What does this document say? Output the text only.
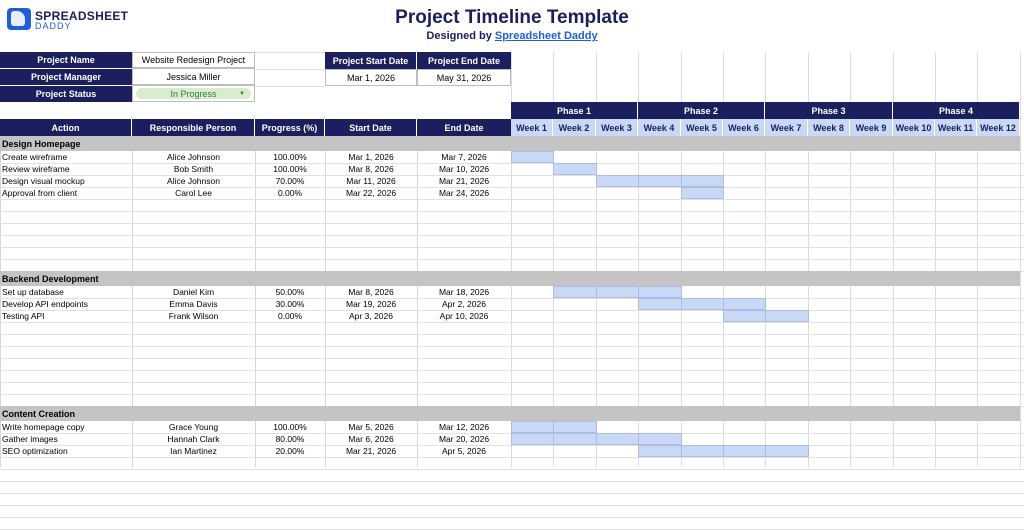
SPREADSHEET
DADDY	Project Timeline Template
Designed by Spreadsheet Daddy
Project Name	Website Redesign Project
Project Manager	Jessica Miller
Project Status	In Progress	▼
Project Start Date	Project End Date
Mar 1, 2026	May 31, 2026
Phase 1	Phase 2	Phase 3	Phase 4
Action	Responsible Person	Progress (%)	Start Date	End Date	Week 1	Week 2	Week 3	Week 4	Week 5	Week 6	Week 7	Week 8	Week 9	Week 10 Week 11 Week 12
Design Homepage
Create wireframe	Alice Johnson	100.00%	Mar 1, 2026	Mar 7, 2026
Review wireframe	Bob Smith	100.00%	Mar 8, 2026	Mar 10, 2026
Design visual mockup	Alice Johnson	70.00%	Mar 11, 2026	Mar 21, 2026
Approval from client	Carol Lee	0.00%	Mar 22, 2026	Mar 24, 2026
Backend Development
Set up database	Daniel Kim	50.00%	Mar 8, 2026	Mar 18, 2026
Develop API endpoints	Emma Davis	30.00%	Mar 19, 2026	Apr 2, 2026
Testing API	Frank Wilson	0.00%	Apr 3, 2026	Apr 10, 2026
Content Creation
Write homepage copy	Grace Young	100.00%	Mar 5, 2026	Mar 12, 2026
Gather images	Hannah Clark	80.00%	Mar 6, 2026	Mar 20, 2026
SEO optimization	Ian Martinez	20.00%	Mar 21, 2026	Apr 5, 2026
